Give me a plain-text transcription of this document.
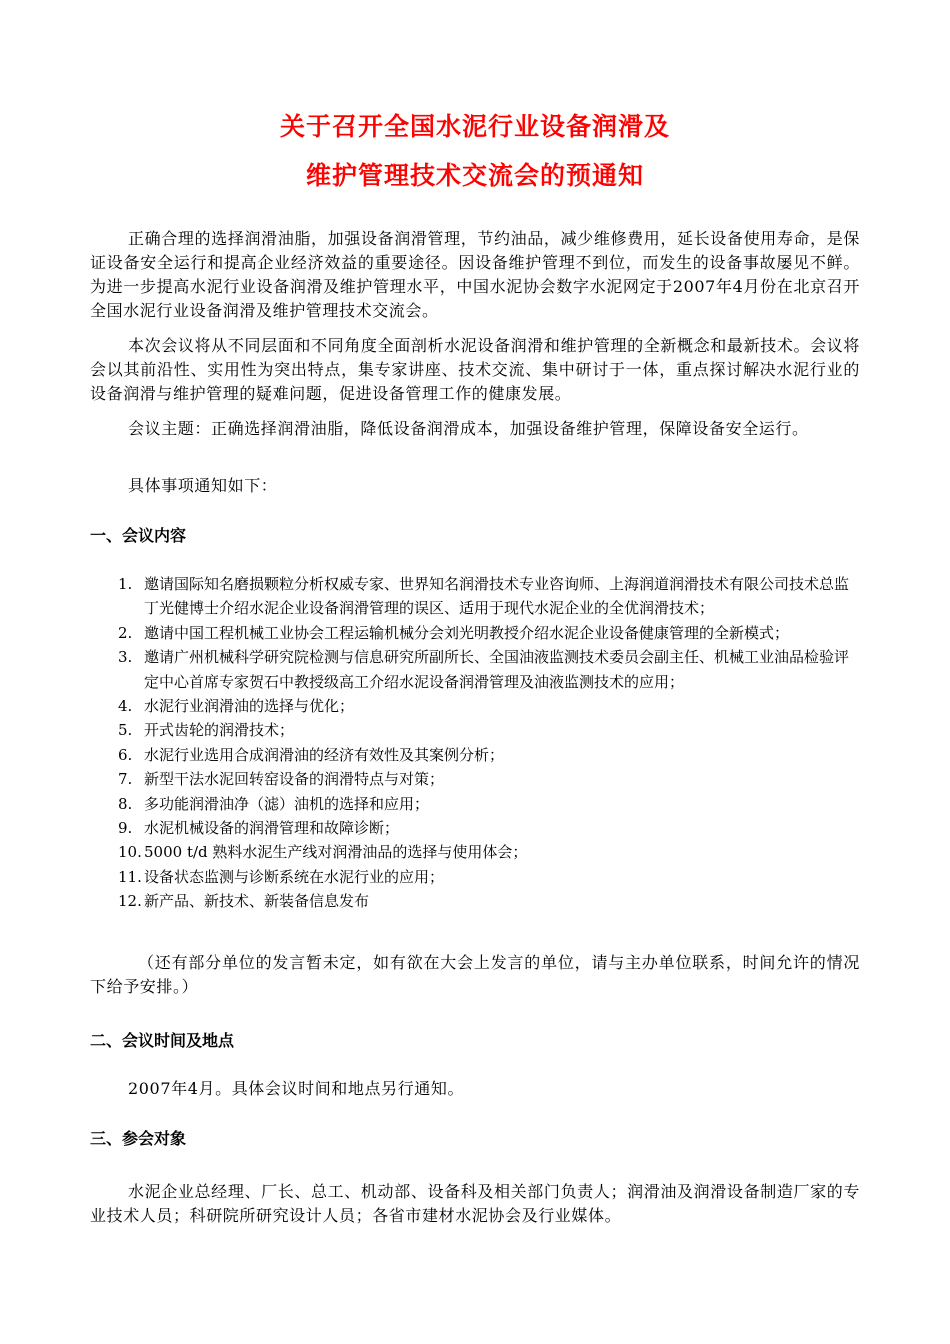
关于召开全国水泥行业设备润滑及
维护管理技术交流会的预通知
正确合理的选择润滑油脂，加强设备润滑管理，节约油品，减少维修费用，延长设备使用寿命，是保证设备安全运行和提高企业经济效益的重要途径。因设备维护管理不到位，而发生的设备事故屡见不鲜。为进一步提高水泥行业设备润滑及维护管理水平，中国水泥协会数字水泥网定于2007年4月份在北京召开全国水泥行业设备润滑及维护管理技术交流会。
本次会议将从不同层面和不同角度全面剖析水泥设备润滑和维护管理的全新概念和最新技术。会议将会以其前沿性、实用性为突出特点，集专家讲座、技术交流、集中研讨于一体，重点探讨解决水泥行业的设备润滑与维护管理的疑难问题，促进设备管理工作的健康发展。
会议主题：正确选择润滑油脂，降低设备润滑成本，加强设备维护管理，保障设备安全运行。
具体事项通知如下：
一、会议内容
1. 邀请国际知名磨损颗粒分析权威专家、世界知名润滑技术专业咨询师、上海润道润滑技术有限公司技术总监丁光健博士介绍水泥企业设备润滑管理的误区、适用于现代水泥企业的全优润滑技术；
2. 邀请中国工程机械工业协会工程运输机械分会刘光明教授介绍水泥企业设备健康管理的全新模式；
3. 邀请广州机械科学研究院检测与信息研究所副所长、全国油液监测技术委员会副主任、机械工业油品检验评定中心首席专家贺石中教授级高工介绍水泥设备润滑管理及油液监测技术的应用；
4. 水泥行业润滑油的选择与优化；
5. 开式齿轮的润滑技术；
6. 水泥行业选用合成润滑油的经济有效性及其案例分析；
7. 新型干法水泥回转窑设备的润滑特点与对策；
8. 多功能润滑油净（滤）油机的选择和应用；
9. 水泥机械设备的润滑管理和故障诊断；
10. 5000 t/d 熟料水泥生产线对润滑油品的选择与使用体会；
11. 设备状态监测与诊断系统在水泥行业的应用；
12. 新产品、新技术、新装备信息发布
（还有部分单位的发言暂未定，如有欲在大会上发言的单位，请与主办单位联系，时间允许的情况下给予安排。）
二、会议时间及地点
2007年4月。具体会议时间和地点另行通知。
三、参会对象
水泥企业总经理、厂长、总工、机动部、设备科及相关部门负责人；润滑油及润滑设备制造厂家的专业技术人员；科研院所研究设计人员；各省市建材水泥协会及行业媒体。
